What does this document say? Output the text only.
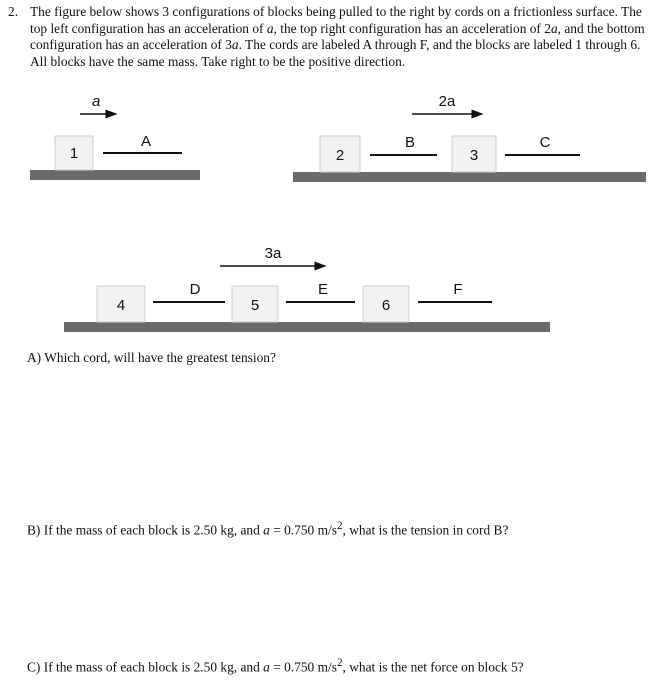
2. The figure below shows 3 configurations of blocks being pulled to the right by cords on a frictionless surface. The top left configuration has an acceleration of a, the top right configuration has an acceleration of 2a, and the bottom configuration has an acceleration of 3a. The cords are labeled A through F, and the blocks are labeled 1 through 6. All blocks have the same mass. Take right to be the positive direction.
a
1
A
2a
2
B
3
C
3a
4
D
5
E
6
F
A) Which cord, will have the greatest tension?
B) If the mass of each block is 2.50 kg, and a = 0.750 $m/s^2$, what is the tension in cord B?
C) If the mass of each block is 2.50 kg, and a = 0.750 $m/s^2$, what is the net force on block 5?
